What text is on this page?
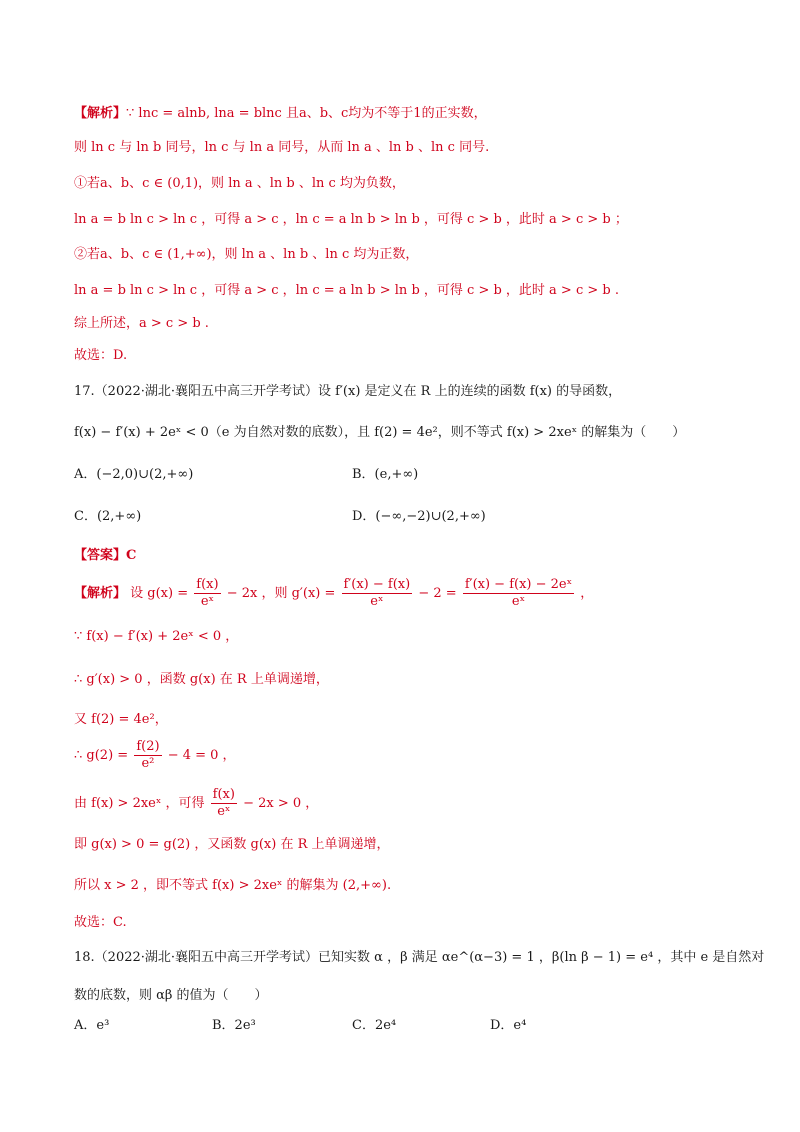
【解析】∵ lnc = alnb, lna = blnc 且a、b、c均为不等于1的正实数，
则 ln c 与 ln b 同号，ln c 与 ln a 同号，从而 ln a 、ln b 、ln c 同号.
①若a、b、c ∈ (0,1)，则 ln a 、ln b 、ln c 均为负数，
ln a = b ln c > ln c ，可得 a > c ，ln c = a ln b > ln b ，可得 c > b ，此时 a > c > b ；
②若a、b、c ∈ (1,+∞)，则 ln a 、ln b 、ln c 均为正数，
ln a = b ln c > ln c ，可得 a > c ，ln c = a ln b > ln b ，可得 c > b ，此时 a > c > b .
综上所述，a > c > b .
故选：D.
17.（2022·湖北·襄阳五中高三开学考试）设 f′(x) 是定义在 R 上的连续的函数 f(x) 的导函数，
f(x) − f′(x) + 2eˣ < 0（e 为自然对数的底数），且 f(2) = 4e²，则不等式 f(x) > 2xeˣ 的解集为（　　）
A．(−2,0)∪(2,+∞)	B．(e,+∞)
C．(2,+∞)	D．(−∞,−2)∪(2,+∞)
【答案】C
【解析】 设 $g(x) = \frac{f(x)}{\text{eˣ}} - 2x$ ，则 $g'(x) = \frac{f'(x) - f(x)}{\text{eˣ}} - 2 = \frac{\text{f′(x) − f(x) − 2eˣ}}{\text{eˣ}}$ ，
∵ f(x) − f′(x) + 2eˣ < 0 ，
∴ g′(x) > 0 ，函数 g(x) 在 R 上单调递增，
又 f(2) = 4e²，
∴ $g(2) = \frac{f(2)}{\text{e²}} - 4 = 0$ ，
由 f(x) > 2xeˣ ，可得 $\frac{f(x)}{\text{eˣ}} - 2x > 0$ ，
即 g(x) > 0 = g(2) ，又函数 g(x) 在 R 上单调递增，
所以 x > 2 ，即不等式 f(x) > 2xeˣ 的解集为 (2,+∞).
故选：C.
18.（2022·湖北·襄阳五中高三开学考试）已知实数 α ，β 满足 αe^(α−3) = 1 ，β(ln β − 1) = e⁴ ，其中 e 是自然对
数的底数，则 αβ 的值为（　　）
A．e³	B．2e³	C．2e⁴	D．e⁴
